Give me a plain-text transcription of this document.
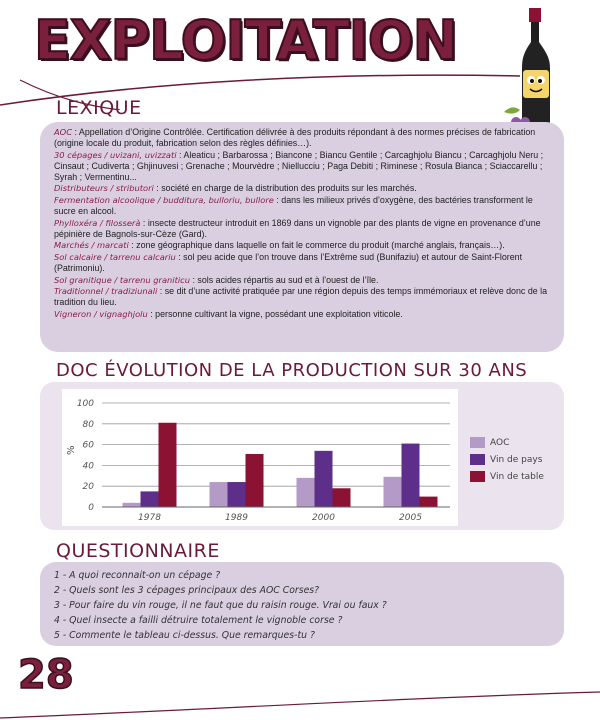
EXPLOITATION
LEXIQUE
AOC : Appellation d’Origine Contrôlée. Certification délivrée à des produits répondant à des normes précises de fabrication (origine locale du produit, fabrication selon des règles définies…).
30 cépages / uvizani, uvizzati : Aleaticu ; Barbarossa ; Biancone ; Biancu Gentile ; Carcaghjolu Biancu ; Carcaghjolu Neru ; Cinsaut ; Cudiverta ; Ghjinuvesi ; Grenache ; Mourvèdre ; Niellucciu ; Paga Debiti ; Riminese ; Rosula Bianca ; Sciaccarellu ; Syrah ; Vermentinu...
Distributeurs / stributori : société en charge de la distribution des produits sur les marchés.
Fermentation alcoolique / budditura, bulloriu, bullore : dans les milieux privés d’oxygène, des bactéries transforment le sucre en alcool.
Phylloxéra / filosserà : insecte destructeur introduit en 1869 dans un vignoble par des plants de vigne en provenance d’une pépinière de Bagnols-sur-Cèze (Gard).
Marchés / marcati : zone géographique dans laquelle on fait le commerce du produit (marché anglais, français…).
Sol calcaire / tarrenu calcariu : sol peu acide que l’on trouve dans l’Extrême sud (Bunifaziu) et autour de Saint-Florent (Patrimoniu).
Sol granitique / tarrenu graniticu : sols acides répartis au sud et à l’ouest de l’île.
Traditionnel / tradiziunali : se dit d’une activité pratiquée par une région depuis des temps immémoriaux et relève donc de la tradition du lieu.
Vigneron / vignaghjolu : personne cultivant la vigne, possédant une exploitation viticole.
DOC ÉVOLUTION DE LA PRODUCTION SUR 30 ANS
0
20
40
60
80
100
%
1978	1989	2000	2005
AOC
Vin de pays
Vin de table
QUESTIONNAIRE
1 - A quoi reconnait-on un cépage ?
2 - Quels sont les 3 cépages principaux des AOC Corses?
3 - Pour faire du vin rouge, il ne faut que du raisin rouge. Vrai ou faux ?
4 - Quel insecte a failli détruire totalement le vignoble corse ?
5 - Commente le tableau ci-dessus. Que remarques-tu ?
28
